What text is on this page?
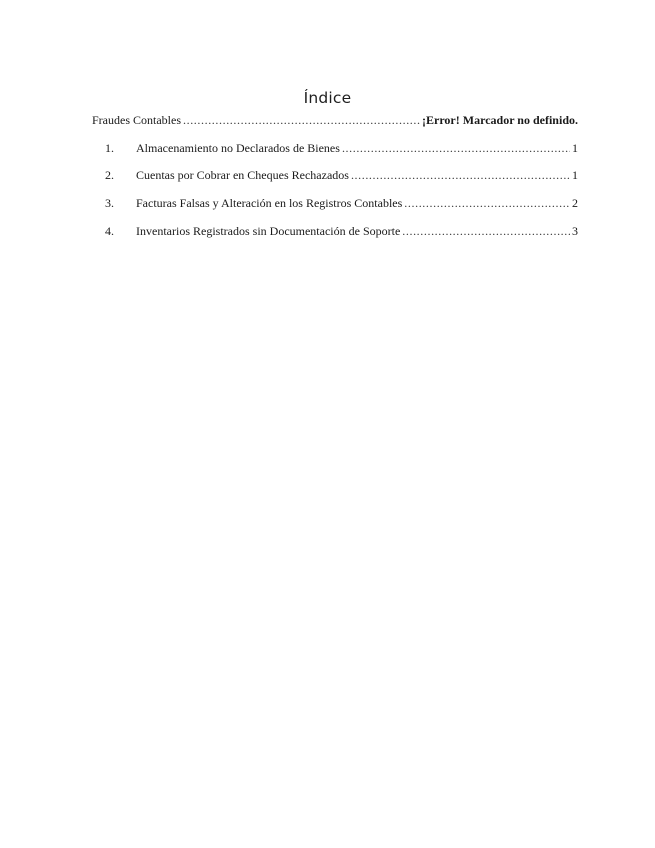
Índice
Fraudes Contables .....	¡Error! Marcador no definido.
1.	Almacenamiento no Declarados de Bienes .....	1
2.	Cuentas por Cobrar en Cheques Rechazados .....	1
3.	Facturas Falsas y Alteración en los Registros Contables .....	2
4.	Inventarios Registrados sin Documentación de Soporte .....	3
